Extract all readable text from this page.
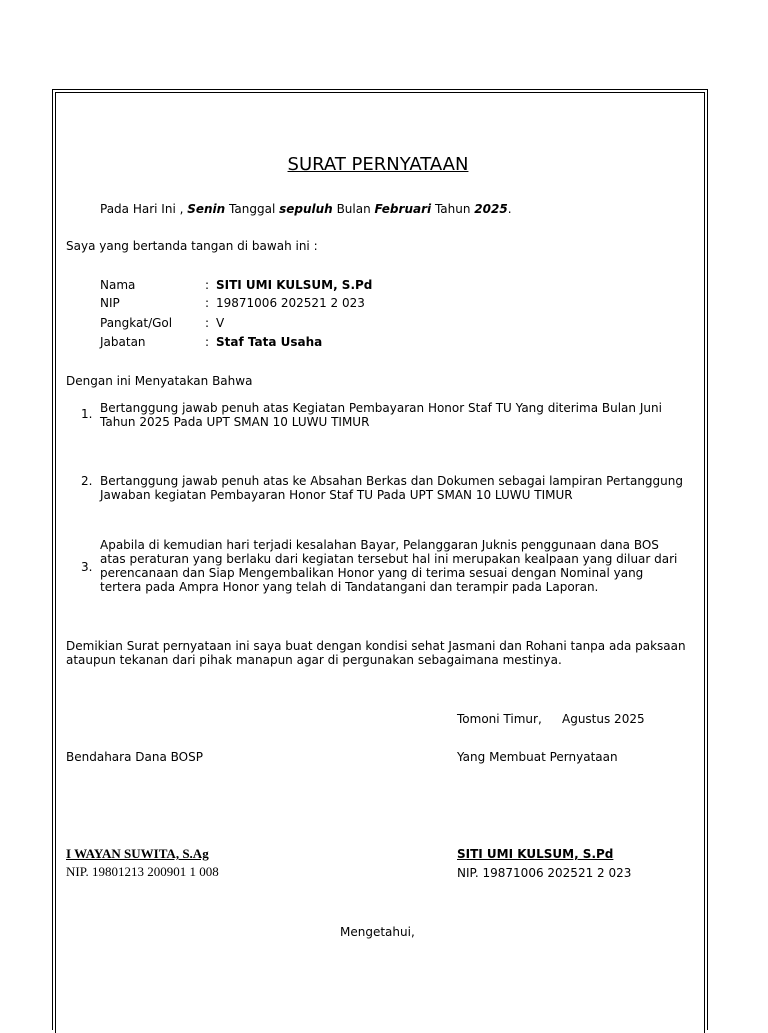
SURAT PERNYATAAN
Pada Hari Ini , Senin Tanggal sepuluh Bulan Februari Tahun 2025.
Saya yang bertanda tangan di bawah ini :
Nama	: SITI UMI KULSUM, S.Pd
NIP	: 19871006 202521 2 023
Pangkat/Gol	: V
Jabatan	: Staf Tata Usaha
Dengan ini Menyatakan Bahwa
1. Bertanggung jawab penuh atas Kegiatan Pembayaran Honor Staf TU Yang diterima Bulan Juni Tahun 2025 Pada UPT SMAN 10 LUWU TIMUR
2. Bertanggung jawab penuh atas ke Absahan Berkas dan Dokumen sebagai lampiran Pertanggung Jawaban kegiatan Pembayaran Honor Staf TU Pada UPT SMAN 10 LUWU TIMUR
3.
Apabila di kemudian hari terjadi kesalahan Bayar, Pelanggaran Juknis penggunaan dana BOS atas peraturan yang berlaku dari kegiatan tersebut hal ini merupakan kealpaan yang diluar dari perencanaan dan Siap Mengembalikan Honor yang di terima sesuai dengan Nominal yang tertera pada Ampra Honor yang telah di Tandatangani dan terampir pada Laporan.
Demikian Surat pernyataan ini saya buat dengan kondisi sehat Jasmani dan Rohani tanpa ada paksaan ataupun tekanan dari pihak manapun agar di pergunakan sebagaimana mestinya.
Tomoni Timur, Agustus 2025
Bendahara Dana BOSP	Yang Membuat Pernyataan
I WAYAN SUWITA, S.Ag
NIP. 19801213 200901 1 008
SITI UMI KULSUM, S.Pd
NIP. 19871006 202521 2 023
Mengetahui,
